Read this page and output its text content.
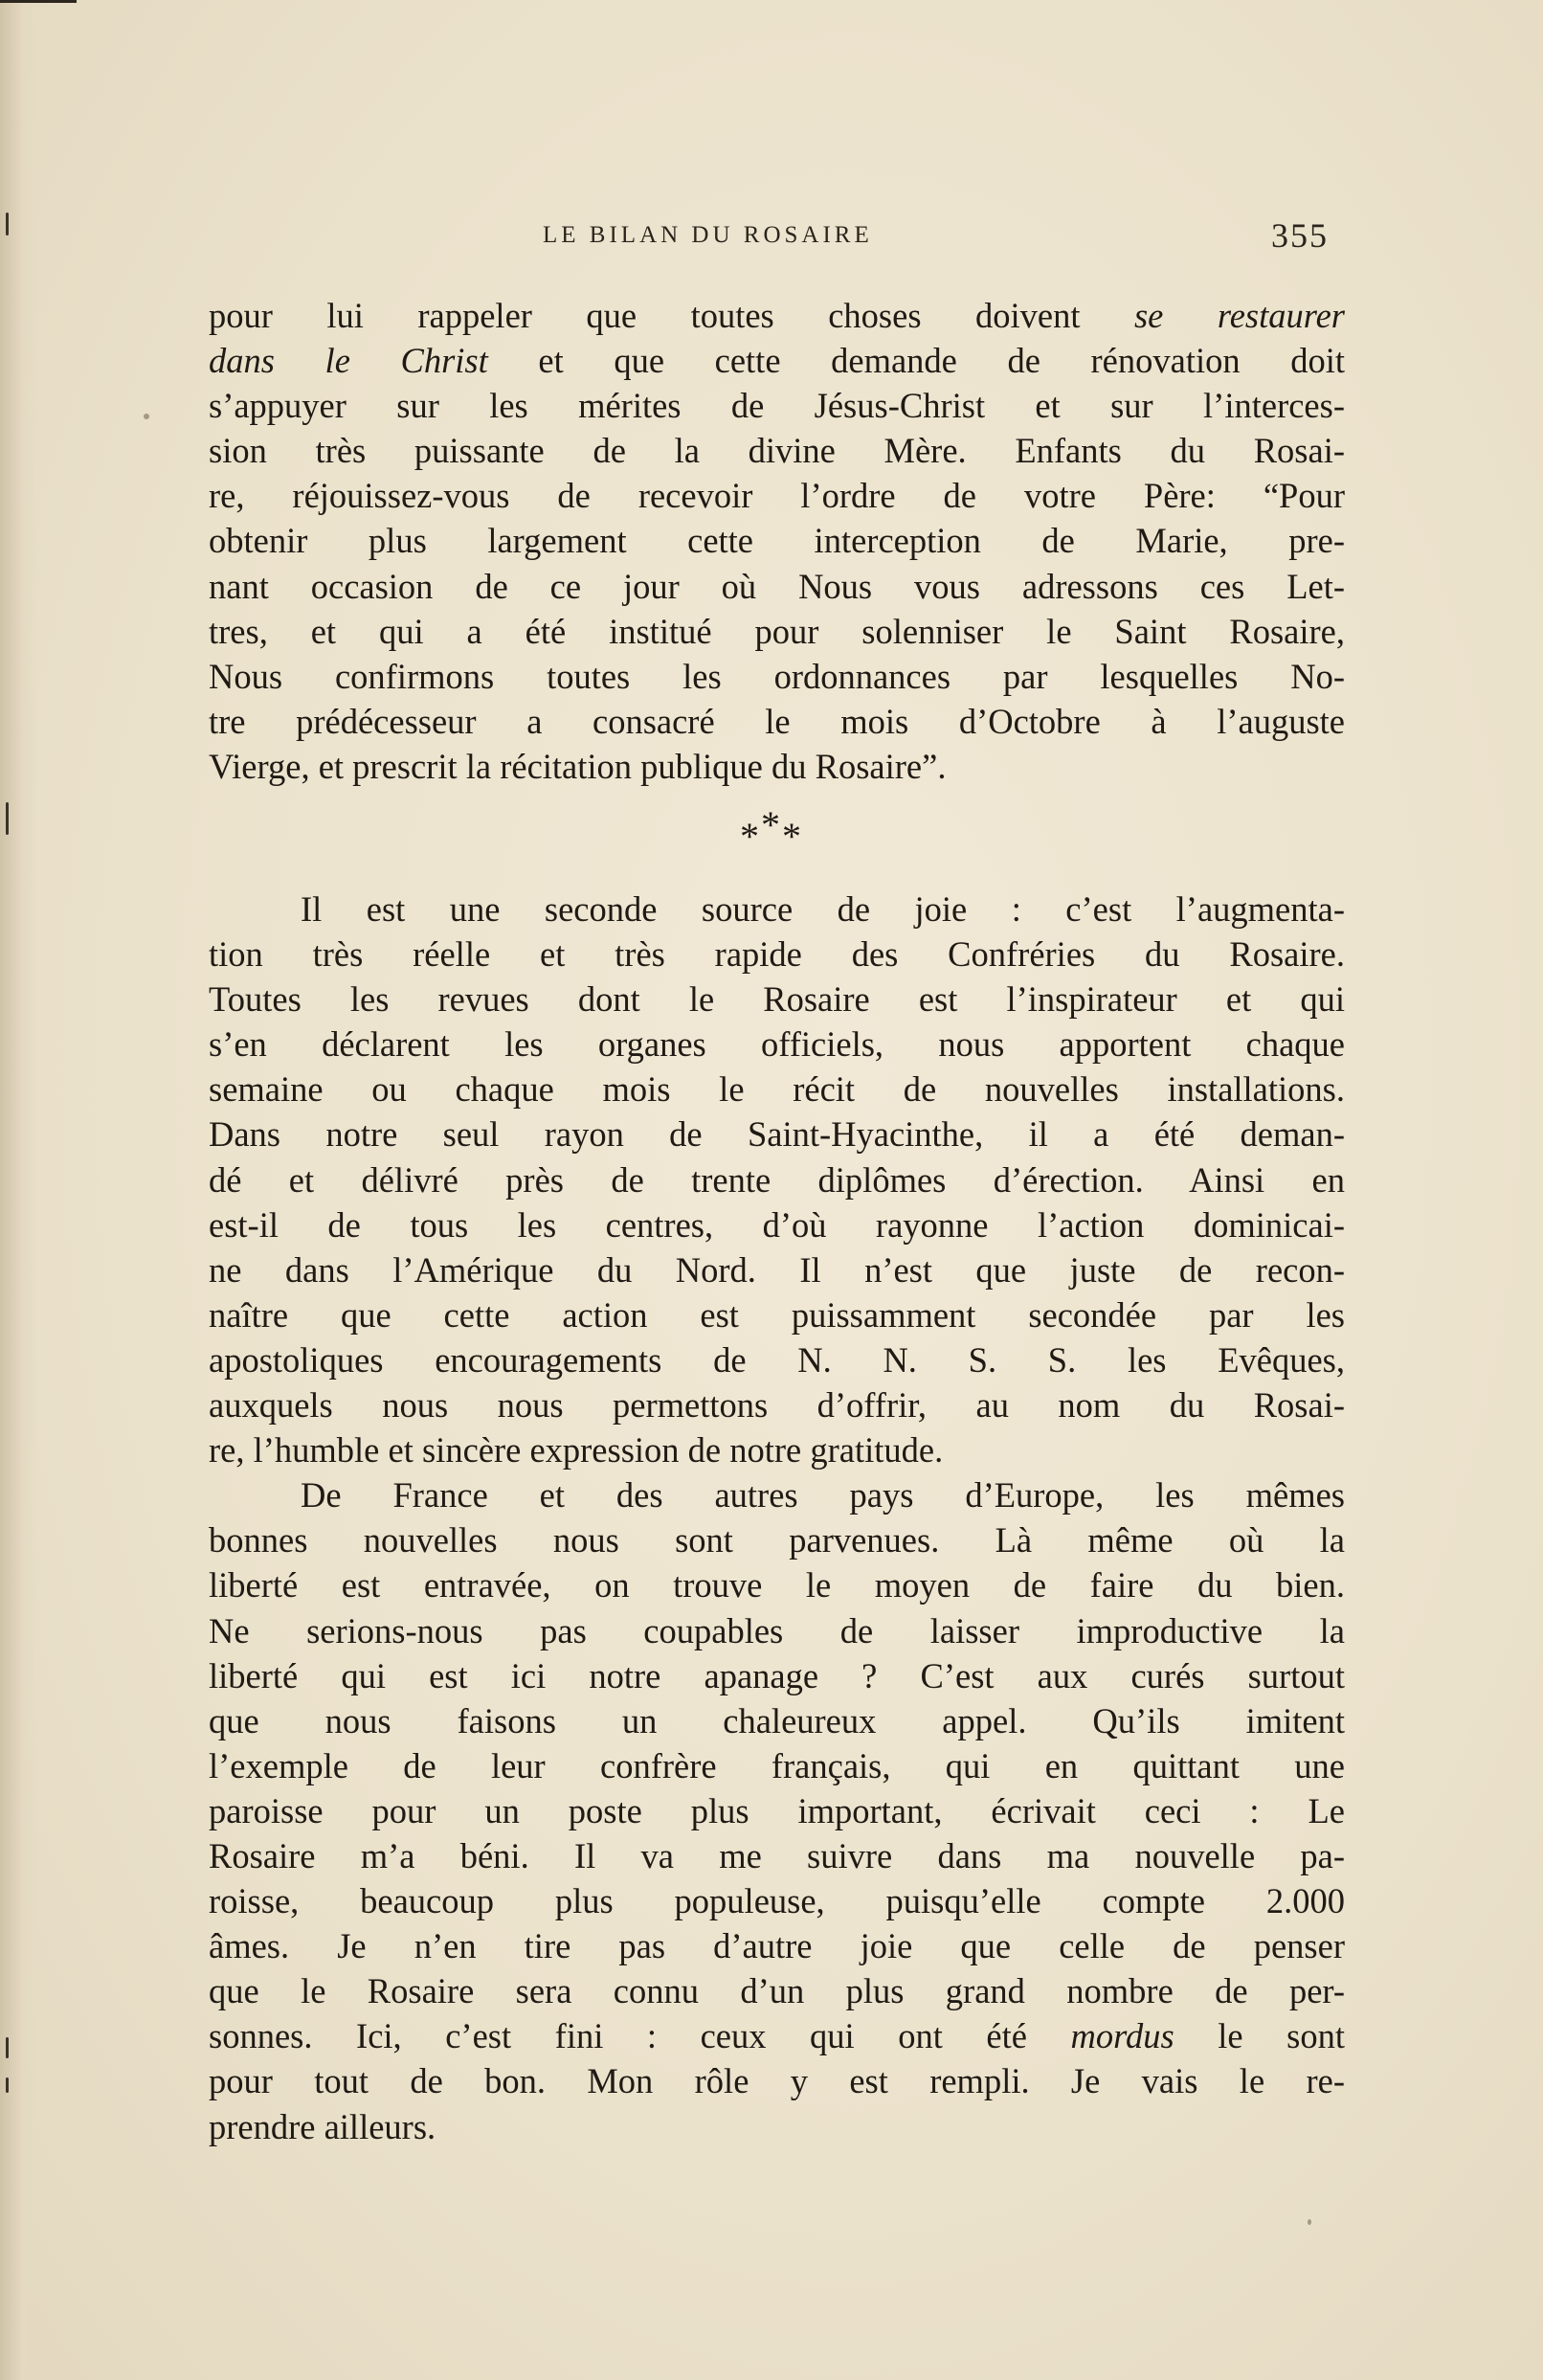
LE BILAN DU ROSAIRE	355
pour lui rappeler que toutes choses doivent se restaurer
dans le Christ et que cette demande de rénovation doit
s’appuyer sur les mérites de Jésus-Christ et sur l’interces-
sion très puissante de la divine Mère. Enfants du Rosai-
re, réjouissez-vous de recevoir l’ordre de votre Père: “Pour
obtenir plus largement cette interception de Marie, pre-
nant occasion de ce jour où Nous vous adressons ces Let-
tres, et qui a été institué pour solenniser le Saint Rosaire,
Nous confirmons toutes les ordonnances par lesquelles No-
tre prédécesseur a consacré le mois d’Octobre à l’auguste
Vierge, et prescrit la récitation publique du Rosaire”.
***
Il est une seconde source de joie : c’est l’augmenta-
tion très réelle et très rapide des Confréries du Rosaire.
Toutes les revues dont le Rosaire est l’inspirateur et qui
s’en déclarent les organes officiels, nous apportent chaque
semaine ou chaque mois le récit de nouvelles installations.
Dans notre seul rayon de Saint-Hyacinthe, il a été deman-
dé et délivré près de trente diplômes d’érection. Ainsi en
est-il de tous les centres, d’où rayonne l’action dominicai-
ne dans l’Amérique du Nord. Il n’est que juste de recon-
naître que cette action est puissamment secondée par les
apostoliques encouragements de N. N. S. S. les Evêques,
auxquels nous nous permettons d’offrir, au nom du Rosai-
re, l’humble et sincère expression de notre gratitude.
De France et des autres pays d’Europe, les mêmes
bonnes nouvelles nous sont parvenues. Là même où la
liberté est entravée, on trouve le moyen de faire du bien.
Ne serions-nous pas coupables de laisser improductive la
liberté qui est ici notre apanage ? C’est aux curés surtout
que nous faisons un chaleureux appel. Qu’ils imitent
l’exemple de leur confrère français, qui en quittant une
paroisse pour un poste plus important, écrivait ceci : Le
Rosaire m’a béni. Il va me suivre dans ma nouvelle pa-
roisse, beaucoup plus populeuse, puisqu’elle compte 2.000
âmes. Je n’en tire pas d’autre joie que celle de penser
que le Rosaire sera connu d’un plus grand nombre de per-
sonnes. Ici, c’est fini : ceux qui ont été mordus le sont
pour tout de bon. Mon rôle y est rempli. Je vais le re-
prendre ailleurs.
